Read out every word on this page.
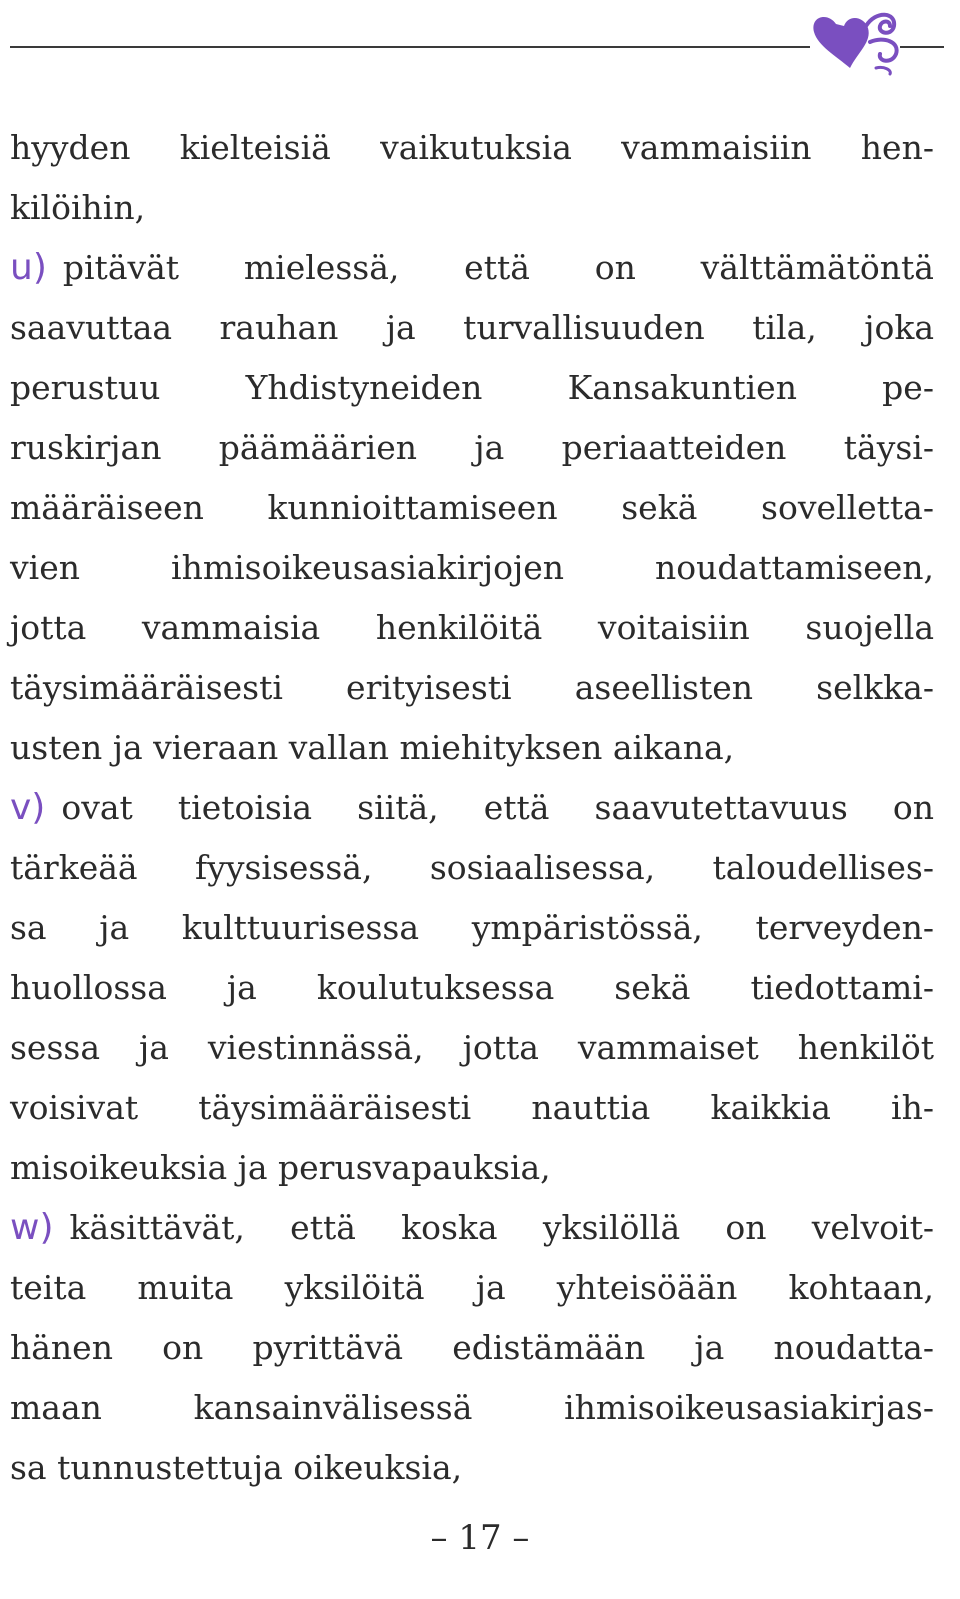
hyyden kielteisiä vaikutuksia vammaisiin hen-
kilöihin,
u) pitävät mielessä, että on välttämätöntä
saavuttaa rauhan ja turvallisuuden tila, joka
perustuu Yhdistyneiden Kansakuntien pe-
ruskirjan päämäärien ja periaatteiden täysi-
määräiseen kunnioittamiseen sekä sovelletta-
vien ihmisoikeusasiakirjojen noudattamiseen,
jotta vammaisia henkilöitä voitaisiin suojella
täysimääräisesti erityisesti aseellisten selkka-
usten ja vieraan vallan miehityksen aikana,
v) ovat tietoisia siitä, että saavutettavuus on
tärkeää fyysisessä, sosiaalisessa, taloudellises-
sa ja kulttuurisessa ympäristössä, terveyden-
huollossa ja koulutuksessa sekä tiedottami-
sessa ja viestinnässä, jotta vammaiset henkilöt
voisivat täysimääräisesti nauttia kaikkia ih-
misoikeuksia ja perusvapauksia,
w) käsittävät, että koska yksilöllä on velvoit-
teita muita yksilöitä ja yhteisöään kohtaan,
hänen on pyrittävä edistämään ja noudatta-
maan kansainvälisessä ihmisoikeusasiakirjas-
sa tunnustettuja oikeuksia,
– 17 –
